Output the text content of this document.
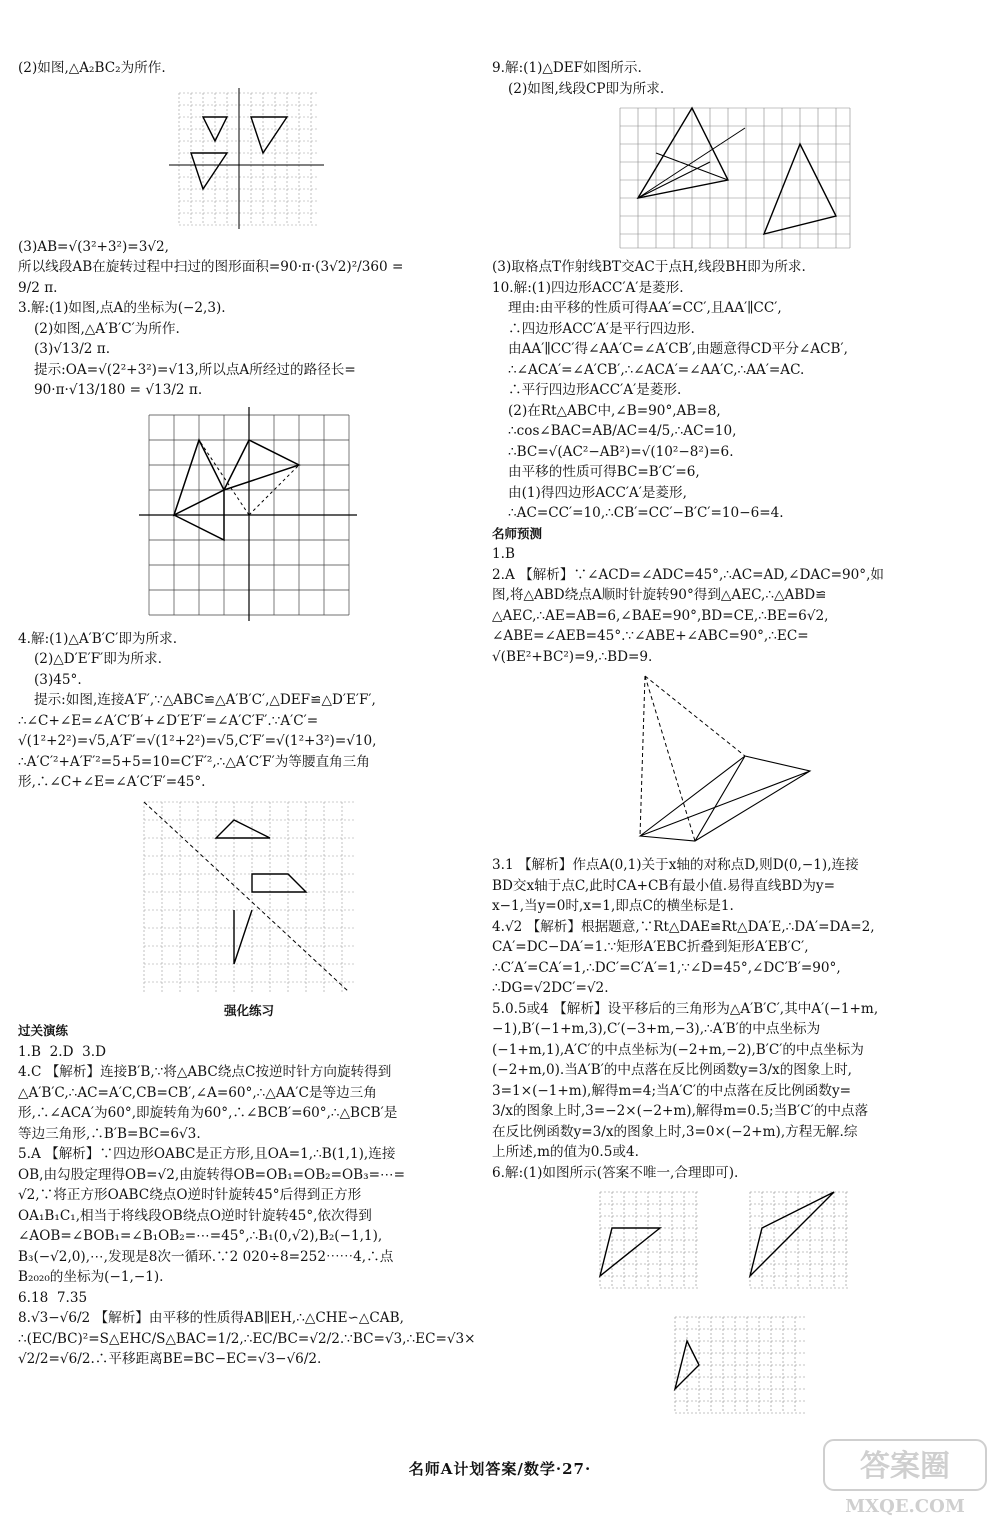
(2)如图,△A₂BC₂为所作.

(3)AB=√(3²+3²)=3√2,

所以线段AB在旋转过程中扫过的图形面积=90·π·(3√2)²/360 =

9/2 π.

3.解:(1)如图,点A的坐标为(−2,3).

(2)如图,△A′B′C′为所作.

(3)√13/2 π.

提示:OA=√(2²+3²)=√13,所以点A所经过的路径长=

90·π·√13/180 = √13/2 π.

4.解:(1)△A′B′C′即为所求.

(2)△D′E′F′即为所求.

(3)45°.

提示:如图,连接A′F′,∵△ABC≌△A′B′C′,△DEF≌△D′E′F′,

∴∠C+∠E=∠A′C′B′+∠D′E′F′=∠A′C′F′.∵A′C′=

√(1²+2²)=√5,A′F′=√(1²+2²)=√5,C′F′=√(1²+3²)=√10,

∴A′C′²+A′F′²=5+5=10=C′F′²,∴△A′C′F′为等腰直角三角

形,∴∠C+∠E=∠A′C′F′=45°.

强化练习

过关演练

1.B  2.D  3.D

4.C 【解析】连接B′B,∵将△ABC绕点C按逆时针方向旋转得到

△A′B′C,∴AC=A′C,CB=CB′,∠A=60°,∴△AA′C是等边三角

形,∴∠ACA′为60°,即旋转角为60°,∴∠BCB′=60°,∴△BCB′是

等边三角形,∴B′B=BC=6√3.

5.A 【解析】∵四边形OABC是正方形,且OA=1,∴B(1,1),连接

OB,由勾股定理得OB=√2,由旋转得OB=OB₁=OB₂=OB₃=⋯=

√2,∵将正方形OABC绕点O逆时针旋转45°后得到正方形

OA₁B₁C₁,相当于将线段OB绕点O逆时针旋转45°,依次得到

∠AOB=∠BOB₁=∠B₁OB₂=⋯=45°,∴B₁(0,√2),B₂(−1,1),

B₃(−√2,0),⋯,发现是8次一循环.∵2 020÷8=252⋯⋯4,∴点

B₂₀₂₀的坐标为(−1,−1).

6.18  7.35

8.√3−√6/2 【解析】由平移的性质得AB∥EH,∴△CHE∽△CAB,

∴(EC/BC)²=S△EHC/S△BAC=1/2,∴EC/BC=√2/2.∵BC=√3,∴EC=√3×

√2/2=√6/2.∴平移距离BE=BC−EC=√3−√6/2.

9.解:(1)△DEF如图所示.

(2)如图,线段CP即为所求.

(3)取格点T作射线BT交AC于点H,线段BH即为所求.

10.解:(1)四边形ACC′A′是菱形.

理由:由平移的性质可得AA′=CC′,且AA′∥CC′,

∴四边形ACC′A′是平行四边形.

由AA′∥CC′得∠AA′C=∠A′CB′,由题意得CD平分∠ACB′,

∴∠ACA′=∠A′CB′,∴∠ACA′=∠AA′C,∴AA′=AC.

∴平行四边形ACC′A′是菱形.

(2)在Rt△ABC中,∠B=90°,AB=8,

∴cos∠BAC=AB/AC=4/5,∴AC=10,

∴BC=√(AC²−AB²)=√(10²−8²)=6.

由平移的性质可得BC=B′C′=6,

由(1)得四边形ACC′A′是菱形,

∴AC=CC′=10,∴CB′=CC′−B′C′=10−6=4.

名师预测

1.B

2.A 【解析】∵∠ACD=∠ADC=45°,∴AC=AD,∠DAC=90°,如

图,将△ABD绕点A顺时针旋转90°得到△AEC,∴△ABD≌

△AEC,∴AE=AB=6,∠BAE=90°,BD=CE,∴BE=6√2,

∠ABE=∠AEB=45°.∵∠ABE+∠ABC=90°,∴EC=

√(BE²+BC²)=9,∴BD=9.

3.1 【解析】作点A(0,1)关于x轴的对称点D,则D(0,−1),连接

BD交x轴于点C,此时CA+CB有最小值.易得直线BD为y=

x−1,当y=0时,x=1,即点C的横坐标是1.

4.√2 【解析】根据题意,∵Rt△DAE≌Rt△DA′E,∴DA′=DA=2,

CA′=DC−DA′=1.∵矩形A′EBC折叠到矩形A′EB′C′,

∴C′A′=CA′=1,∴DC′=C′A′=1,∵∠D=45°,∠DC′B′=90°,

∴DG=√2DC′=√2.

5.0.5或4 【解析】设平移后的三角形为△A′B′C′,其中A′(−1+m,

−1),B′(−1+m,3),C′(−3+m,−3),∴A′B′的中点坐标为

(−1+m,1),A′C′的中点坐标为(−2+m,−2),B′C′的中点坐标为

(−2+m,0).当A′B′的中点落在反比例函数y=3/x的图象上时,

3=1×(−1+m),解得m=4;当A′C′的中点落在反比例函数y=

3/x的图象上时,3=−2×(−2+m),解得m=0.5;当B′C′的中点落

在反比例函数y=3/x的图象上时,3=0×(−2+m),方程无解.综

上所述,m的值为0.5或4.

6.解:(1)如图所示(答案不唯一,合理即可).

名师A计划答案/数学·27·	答案圈
MXQE.COM
